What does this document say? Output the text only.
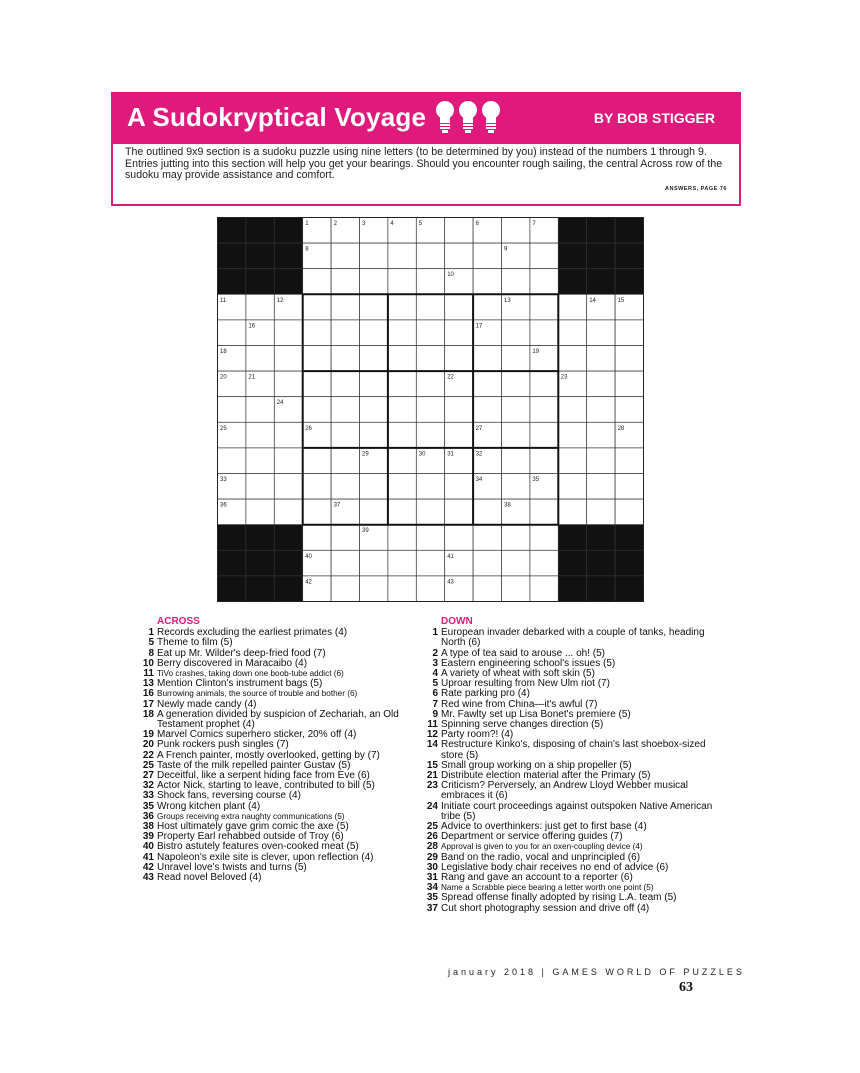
A Sudokryptical Voyage	BY BOB STIGGER
The outlined 9x9 section is a sudoku puzzle using nine letters (to be determined by you) instead of the numbers 1 through 9. Entries jutting into this section will help you get your bearings. Should you encounter rough sailing, the central Across row of the sudoku may provide assistance and comfort.
ANSWERS, PAGE 76
1	2	3	4	5	6	7
8	9
10
11	12	13	14	15
16	17
18	19
20	21	22	23
24
25	26	27	28
29	30	31	32
33	34	35
36	37	38
39
40	41
42	43
ACROSS
1 Records excluding the earliest primates (4)
5 Theme to film (5)
8 Eat up Mr. Wilder's deep-fried food (7)
10 Berry discovered in Maracaibo (4)
11 TiVo crashes, taking down one boob-tube addict (6)
13 Mention Clinton's instrument bags (5)
16 Burrowing animals, the source of trouble and bother (6)
17 Newly made candy (4)
18 A generation divided by suspicion of Zechariah, an Old Testament prophet (4)
19 Marvel Comics superhero sticker, 20% off (4)
20 Punk rockers push singles (7)
22 A French painter, mostly overlooked, getting by (7)
25 Taste of the milk repelled painter Gustav (5)
27 Deceitful, like a serpent hiding face from Eve (6)
32 Actor Nick, starting to leave, contributed to bill (5)
33 Shock fans, reversing course (4)
35 Wrong kitchen plant (4)
36 Groups receiving extra naughty communications (5)
38 Host ultimately gave grim comic the axe (5)
39 Property Earl rehabbed outside of Troy (6)
40 Bistro astutely features oven-cooked meat (5)
41 Napoleon's exile site is clever, upon reflection (4)
42 Unravel love's twists and turns (5)
43 Read novel Beloved (4)
DOWN
1 European invader debarked with a couple of tanks, heading North (6)
2 A type of tea said to arouse ... oh! (5)
3 Eastern engineering school's issues (5)
4 A variety of wheat with soft skin (5)
5 Uproar resulting from New Ulm riot (7)
6 Rate parking pro (4)
7 Red wine from China—it's awful (7)
9 Mr. Fawlty set up Lisa Bonet's premiere (5)
11 Spinning serve changes direction (5)
12 Party room?! (4)
14 Restructure Kinko's, disposing of chain's last shoebox-sized store (5)
15 Small group working on a ship propeller (5)
21 Distribute election material after the Primary (5)
23 Criticism? Perversely, an Andrew Lloyd Webber musical embraces it (6)
24 Initiate court proceedings against outspoken Native American tribe (5)
25 Advice to overthinkers: just get to first base (4)
26 Department or service offering guides (7)
28 Approval is given to you for an oxen-coupling device (4)
29 Band on the radio, vocal and unprincipled (6)
30 Legislative body chair receives no end of advice (6)
31 Rang and gave an account to a reporter (6)
34 Name a Scrabble piece bearing a letter worth one point (5)
35 Spread offense finally adopted by rising L.A. team (5)
37 Cut short photography session and drive off (4)
january 2018 | GAMES WORLD OF PUZZLES
63
